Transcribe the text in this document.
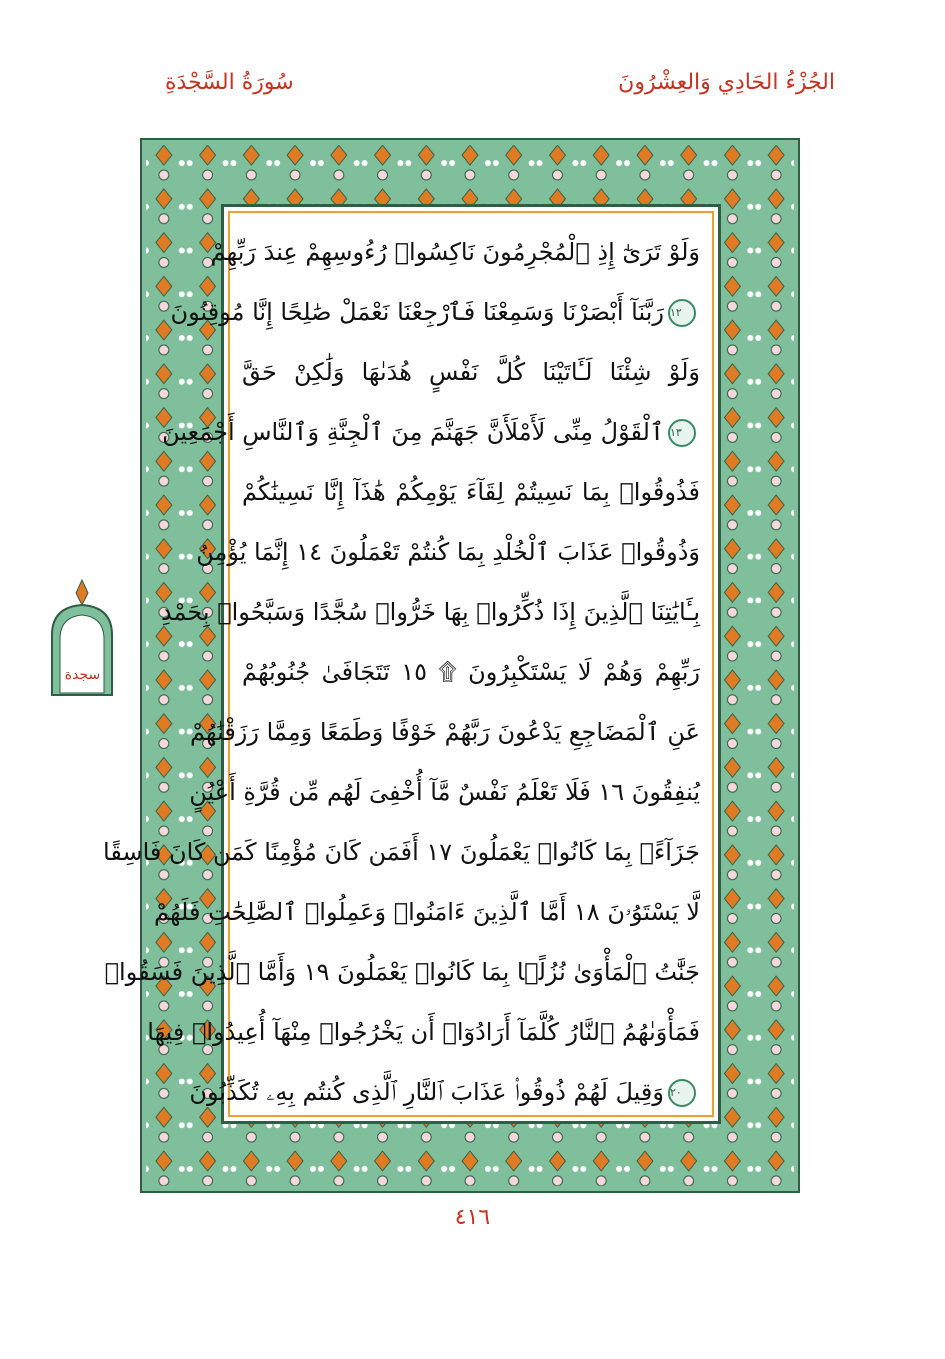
سُورَةُ السَّجْدَةِ	الجُزْءُ الحَادِي وَالعِشْرُونَ
سجدة
وَلَوْ تَرَىٰٓ إِذِ ٱلْمُجْرِمُونَ نَاكِسُوا۟ رُءُوسِهِمْ عِندَ رَبِّهِمْ
١٢رَبَّنَآ أَبْصَرْنَا وَسَمِعْنَا فَٱرْجِعْنَا نَعْمَلْ صَٰلِحًا إِنَّا مُوقِنُونَ
وَلَوْ شِئْنَا لَـَٔاتَيْنَا كُلَّ نَفْسٍ هُدَىٰهَا وَلَٰكِنْ حَقَّ
١٣ٱلْقَوْلُ مِنِّى لَأَمْلَأَنَّ جَهَنَّمَ مِنَ ٱلْجِنَّةِ وَٱلنَّاسِ أَجْمَعِينَ
فَذُوقُوا۟ بِمَا نَسِيتُمْ لِقَآءَ يَوْمِكُمْ هَٰذَآ إِنَّا نَسِينَٰكُمْ
وَذُوقُوا۟ عَذَابَ ٱلْخُلْدِ بِمَا كُنتُمْ تَعْمَلُونَ ١٤ إِنَّمَا يُؤْمِنُ
بِـَٔايَٰتِنَا ٱلَّذِينَ إِذَا ذُكِّرُوا۟ بِهَا خَرُّوا۟ سُجَّدًا وَسَبَّحُوا۟ بِحَمْدِ
رَبِّهِمْ وَهُمْ لَا يَسْتَكْبِرُونَ ۩ ١٥ تَتَجَافَىٰ جُنُوبُهُمْ
عَنِ ٱلْمَضَاجِعِ يَدْعُونَ رَبَّهُمْ خَوْفًا وَطَمَعًا وَمِمَّا رَزَقْنَٰهُمْ
يُنفِقُونَ ١٦ فَلَا تَعْلَمُ نَفْسٌ مَّآ أُخْفِىَ لَهُم مِّن قُرَّةِ أَعْيُنٍ
جَزَآءًۢ بِمَا كَانُوا۟ يَعْمَلُونَ ١٧ أَفَمَن كَانَ مُؤْمِنًا كَمَن كَانَ فَاسِقًا
لَّا يَسْتَوُۥنَ ١٨ أَمَّا ٱلَّذِينَ ءَامَنُوا۟ وَعَمِلُوا۟ ٱلصَّٰلِحَٰتِ فَلَهُمْ
جَنَّٰتُ ٱلْمَأْوَىٰ نُزُلًۢا بِمَا كَانُوا۟ يَعْمَلُونَ ١٩ وَأَمَّا ٱلَّذِينَ فَسَقُوا۟
فَمَأْوَىٰهُمُ ٱلنَّارُ كُلَّمَآ أَرَادُوٓا۟ أَن يَخْرُجُوا۟ مِنْهَآ أُعِيدُوا۟ فِيهَا
٢٠وَقِيلَ لَهُمْ ذُوقُوا۟ عَذَابَ ٱلنَّارِ ٱلَّذِى كُنتُم بِهِۦ تُكَذِّبُونَ
٤١٦
